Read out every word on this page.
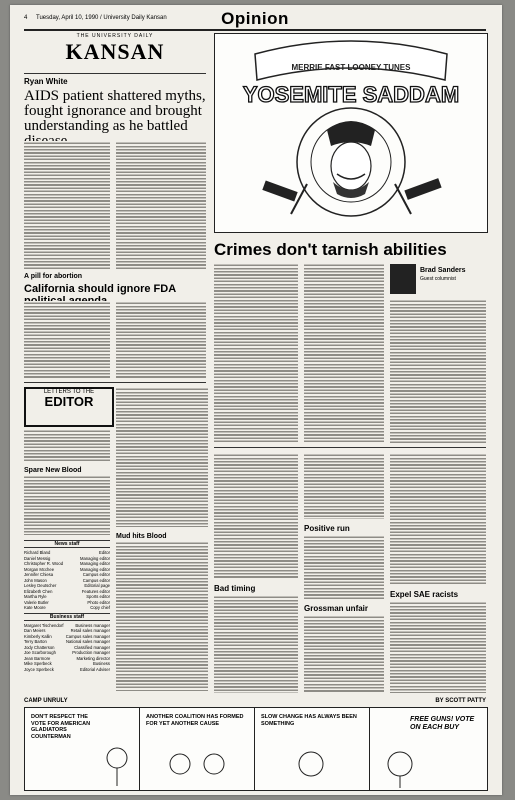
4 Tuesday, April 10, 1990 / University Daily Kansan	Opinion
THE UNIVERSITY DAILY
KANSAN
Ryan White
AIDS patient shattered myths, fought ignorance and brought understanding as he battled
A pill for abortion
California should ignore FDA
MERRIE FAST LOONEY TUNES
YOSEMITE SADDAM
Crimes don't tarnish abilities
Brad Sanders
Guest columnist
LETTERS TO THE
EDITOR
Spare New Blood
News staff
Richard Bland	Editor
Daniel Messig	Managing editor
Christopher R. Wood	Managing editor
Morgan Mcchee	Managing editor
Jennifer Chiesa	Campus editor
John Mason	Campus editor
Lesley Deutscher	Editorial page
Elizabeth Chen	Features editor
Martha Ryle	Sports editor
Valerie Butler	Photo editor
Kate Moore	Copy chief
Business staff
Margaret Tischendorf	Business manager
Dan Meiers	Retail sales manager
Kimberly Kallin	Campus sales manager
Terry Barton	National sales manager
Jody Chatterson	Classified manager
Joe Scarborough	Production manager
Jean Barmore	Marketing director
Mike Sperbeck	Business
Joyce Sperbeck	Editorial Adviser
Mud hits Blood
Bad timing
Positive run
Grossman unfair
Expel SAE racists
CAMP UNRULY	BY SCOTT PATTY
DON'T RESPECT THE VOTE FOR AMERICAN GLADIATORS COUNTERMAN
ANOTHER COALITION HAS FORMED FOR YET ANOTHER CAUSE
SLOW CHANGE HAS ALWAYS BEEN SOMETHING
FREE GUNS! VOTE ON EACH BUY
